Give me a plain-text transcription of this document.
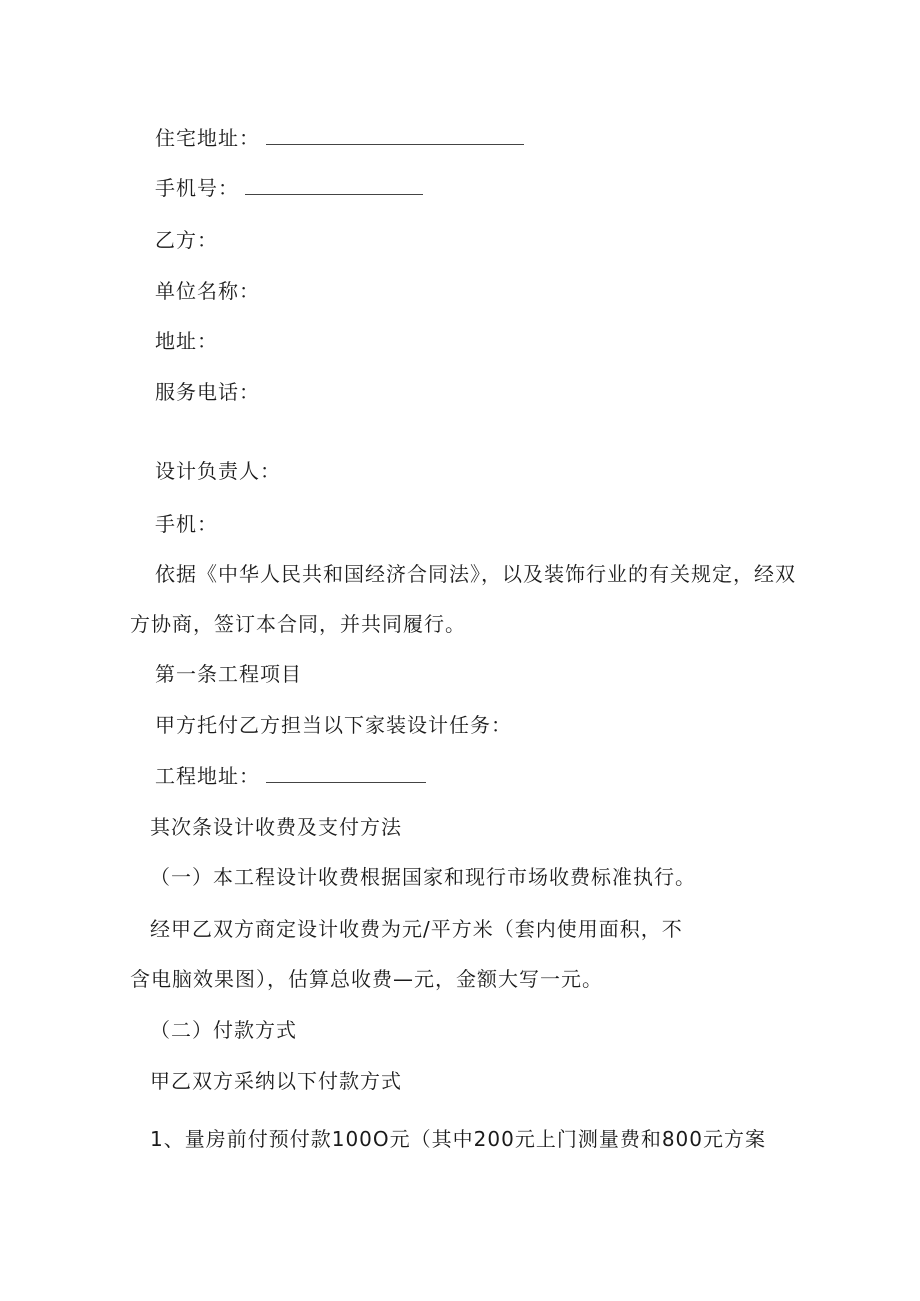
住宅地址：
手机号：
乙方：
单位名称：
地址：
服务电话：
设计负责人：
手机：
依据《中华人民共和国经济合同法》，以及装饰行业的有关规定，经双
方协商，签订本合同，并共同履行。
第一条工程项目
甲方托付乙方担当以下家装设计任务：
工程地址：
其次条设计收费及支付方法
（一）本工程设计收费根据国家和现行市场收费标准执行。
经甲乙双方商定设计收费为元/平方米（套内使用面积，不
含电脑效果图），估算总收费—元，金额大写一元。
（二）付款方式
甲乙双方采纳以下付款方式
1、量房前付预付款100O元（其中200元上门测量费和800元方案
